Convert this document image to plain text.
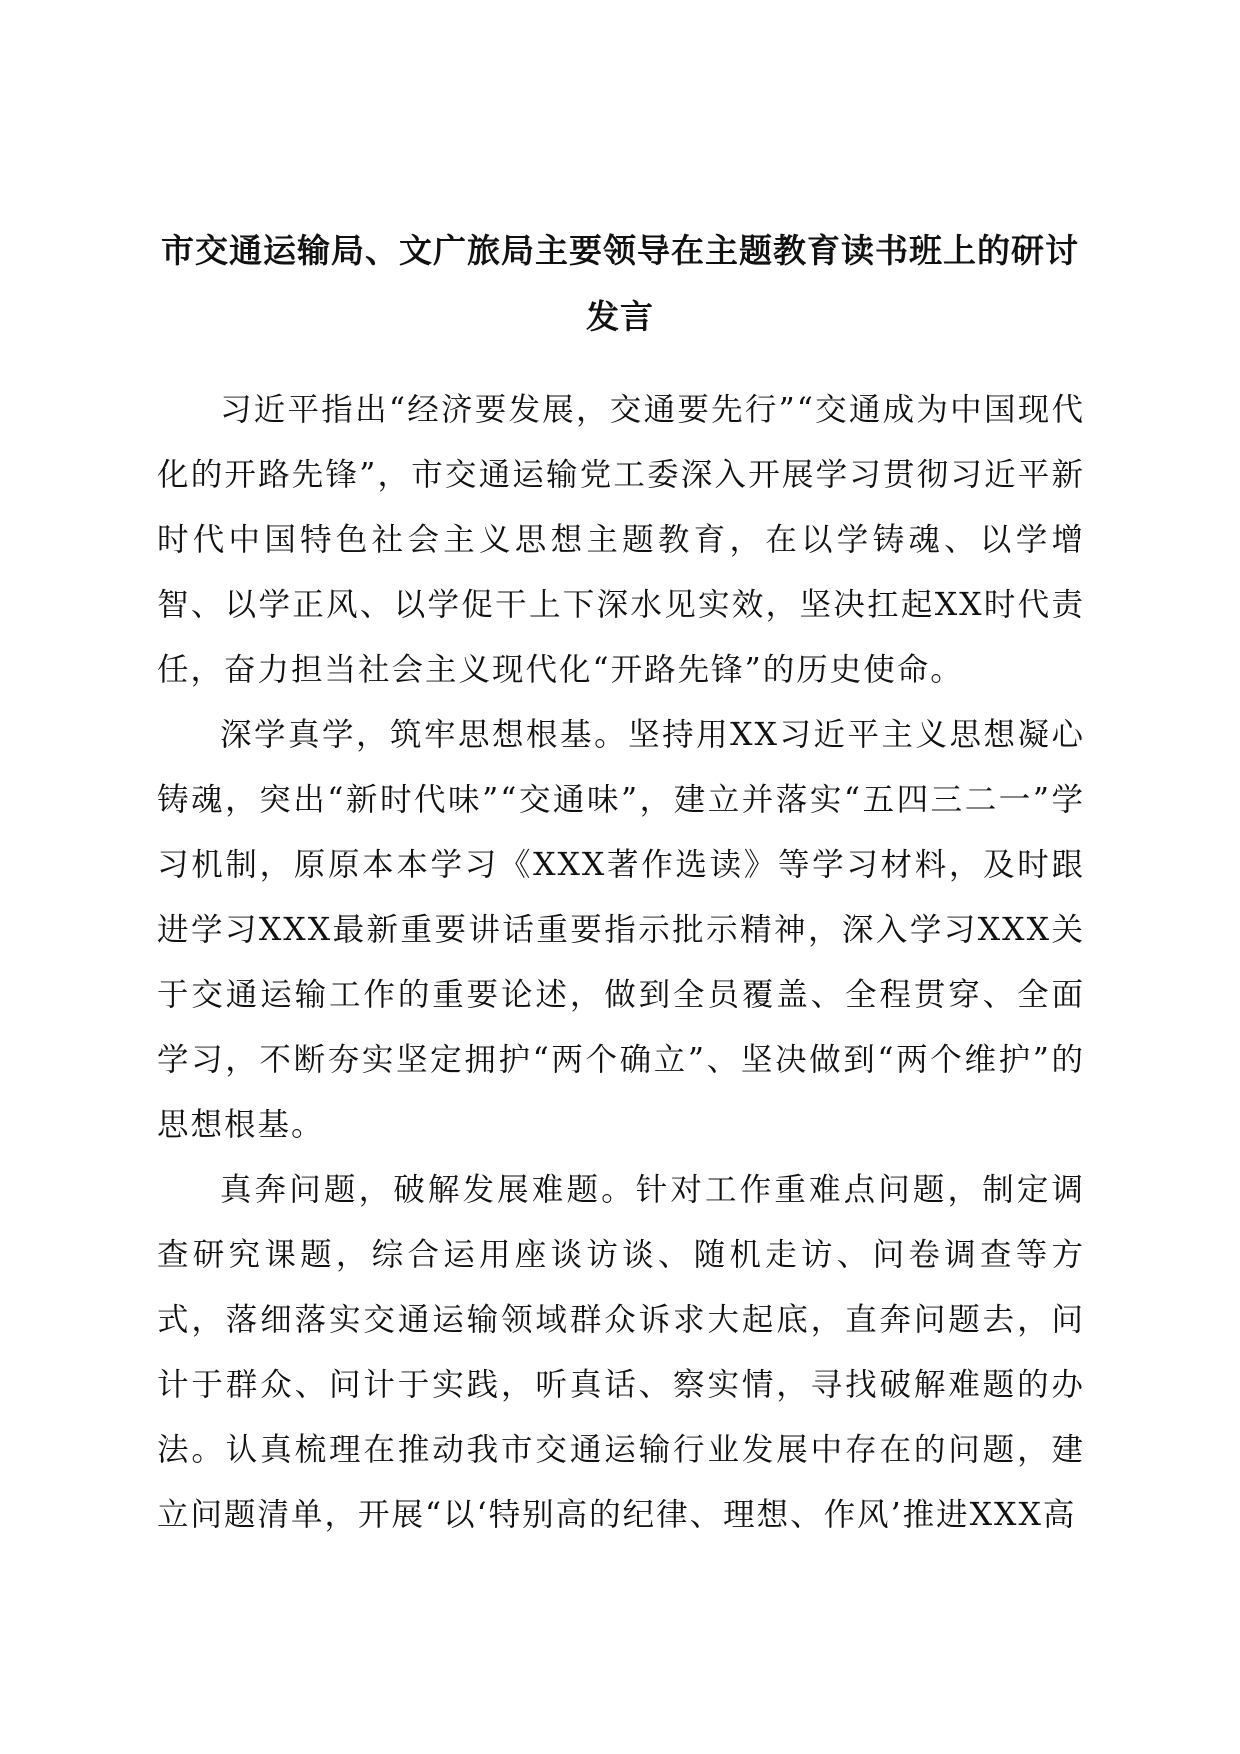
市交通运输局、文广旅局主要领导在主题教育读书班上的研讨发言

习近平指出“经济要发展，交通要先行”“交通成为中国现代化的开路先锋”，市交通运输党工委深入开展学习贯彻习近平新时代中国特色社会主义思想主题教育，在以学铸魂、以学增智、以学正风、以学促干上下深水见实效，坚决扛起XX时代责任，奋力担当社会主义现代化“开路先锋”的历史使命。

深学真学，筑牢思想根基。坚持用XX习近平主义思想凝心铸魂，突出“新时代味”“交通味”，建立并落实“五四三二一”学习机制，原原本本学习《XXX著作选读》等学习材料，及时跟进学习XXX最新重要讲话重要指示批示精神，深入学习XXX关于交通运输工作的重要论述，做到全员覆盖、全程贯穿、全面学习，不断夯实坚定拥护“两个确立”、坚决做到“两个维护”的思想根基。

真奔问题，破解发展难题。针对工作重难点问题，制定调查研究课题，综合运用座谈访谈、随机走访、问卷调查等方式，落细落实交通运输领域群众诉求大起底，直奔问题去，问计于群众、问计于实践，听真话、察实情，寻找破解难题的办法。认真梳理在推动我市交通运输行业发展中存在的问题，建立问题清单，开展“以‘特别高的纪律、理想、作风’推进XXX高
